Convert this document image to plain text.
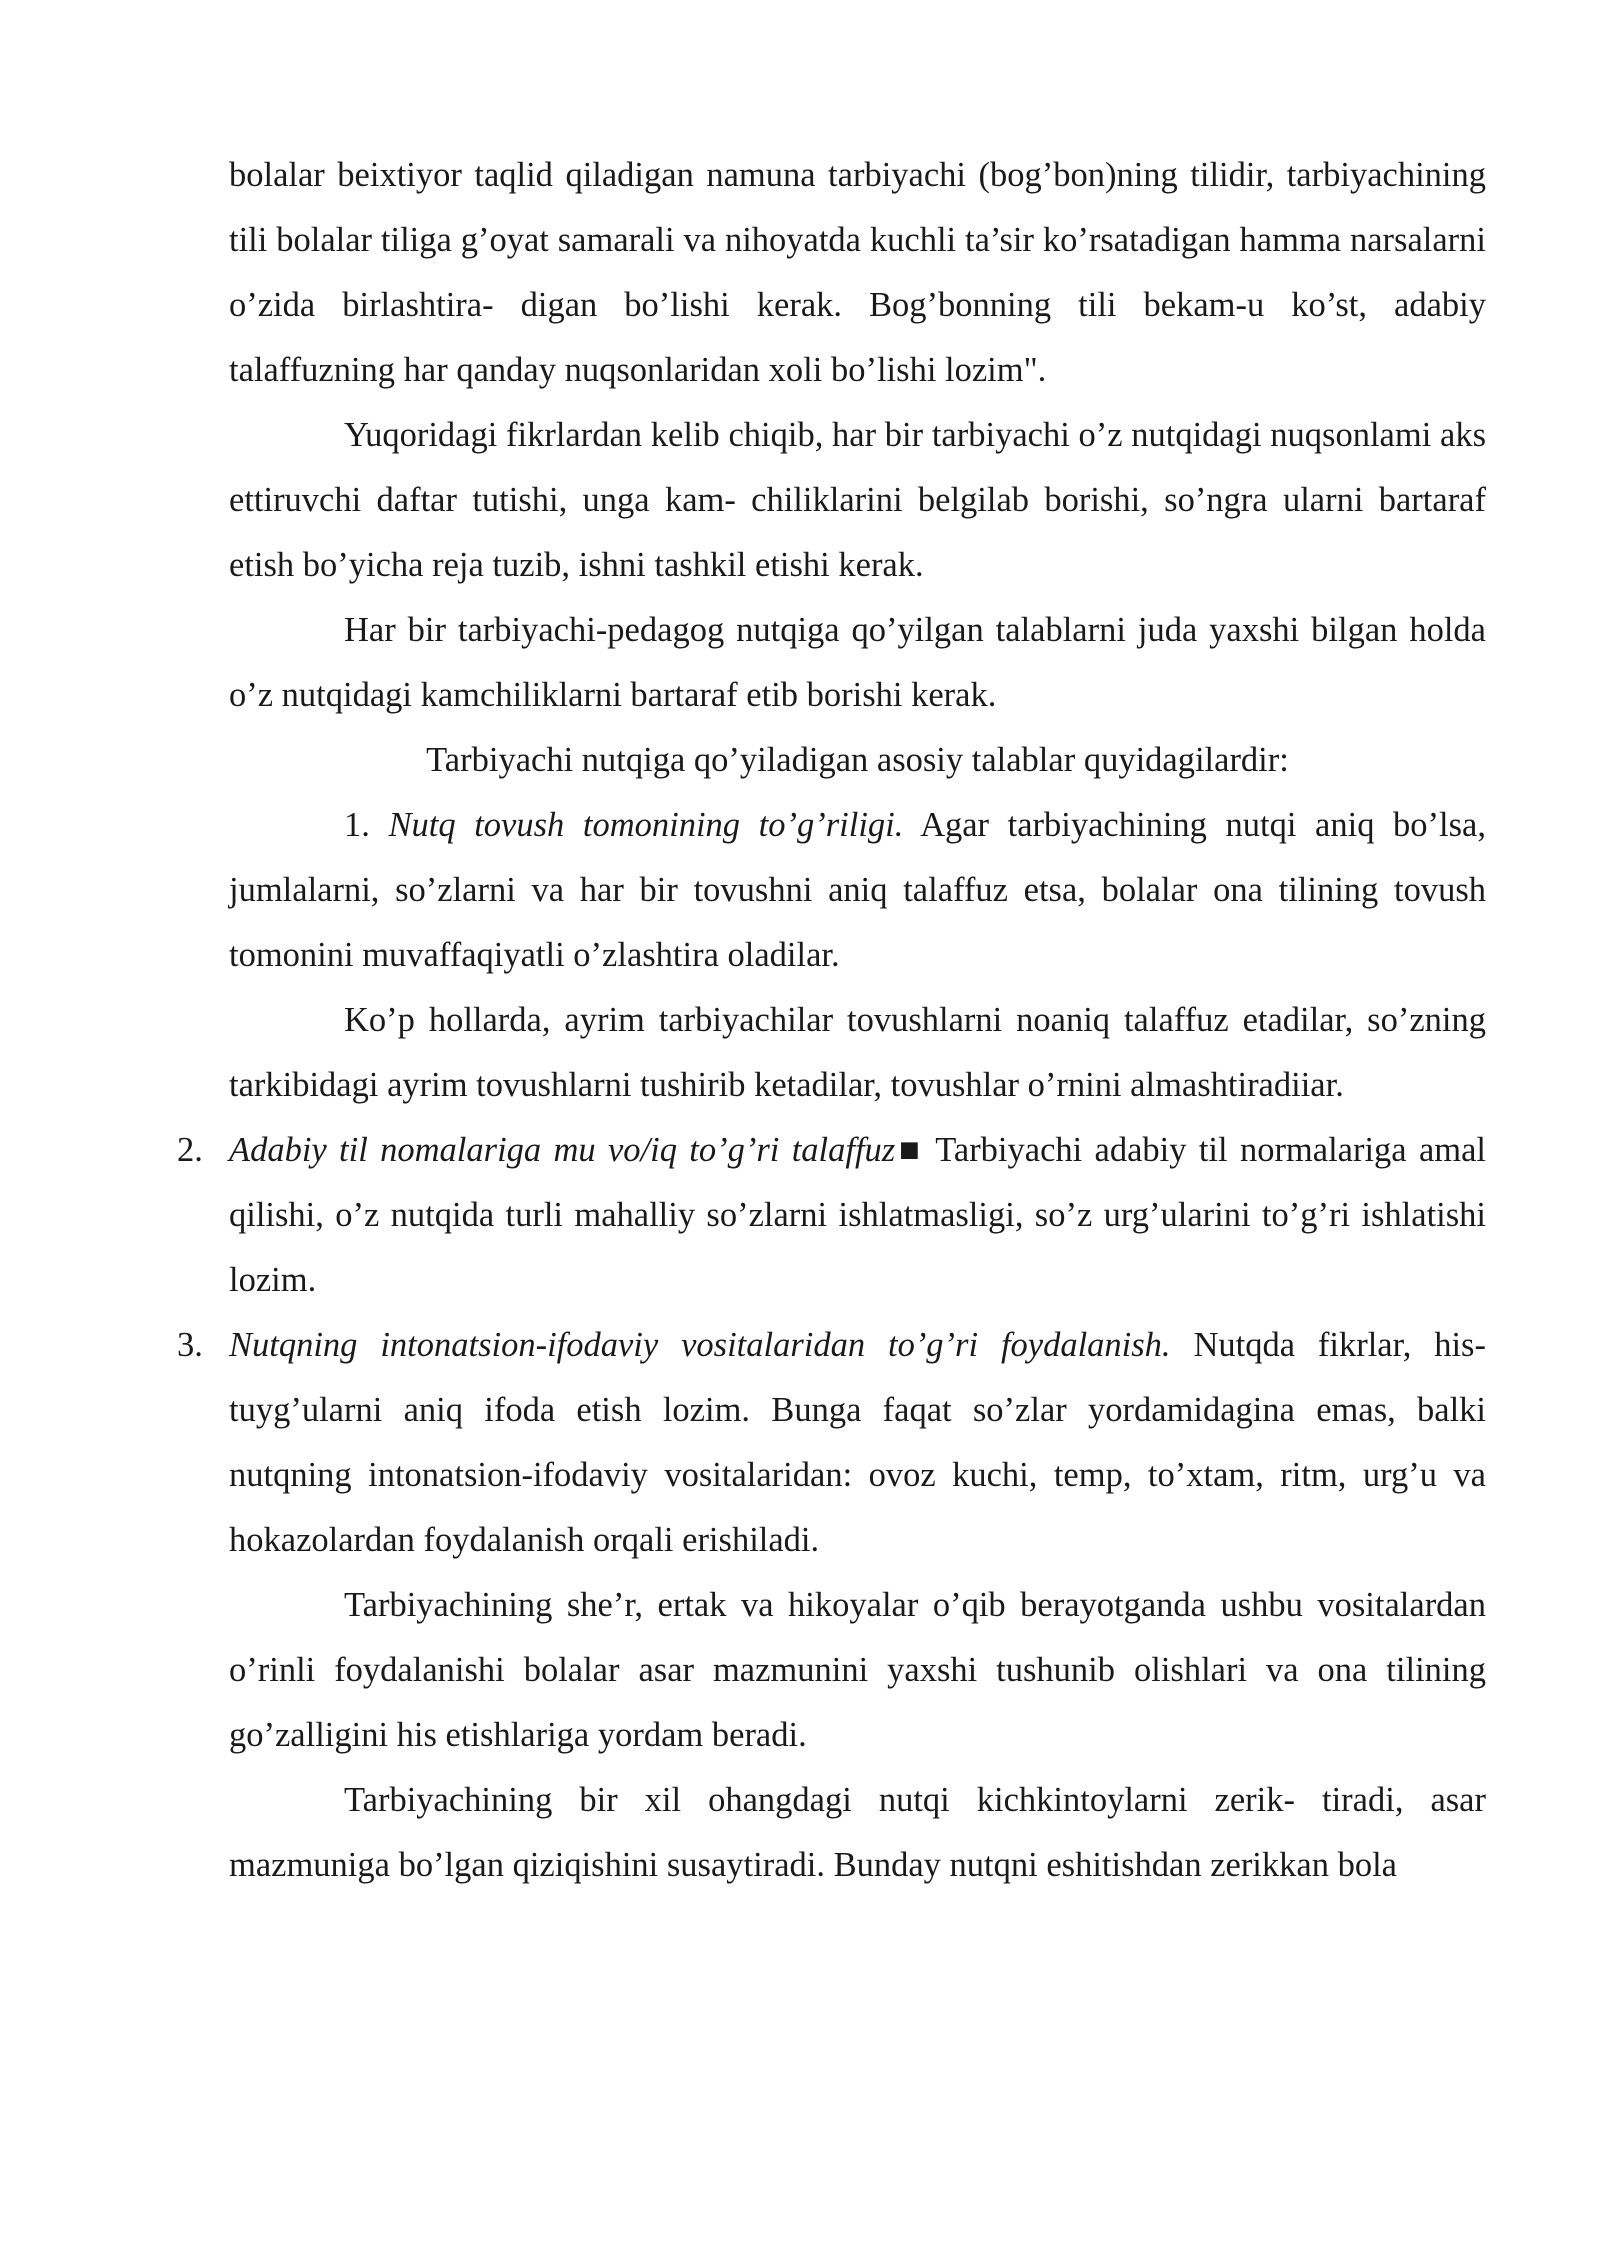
bolalar beixtiyor taqlid qiladigan namuna tarbiyachi (bog’bon)ning tilidir, tarbiyachining tili bolalar tiliga g’oyat samarali va nihoyatda kuchli ta’sir ko’rsatadigan hamma narsalarni o’zida birlashtira- digan bo’lishi kerak. Bog’bonning tili bekam-u ko’st, adabiy talaffuzning har qanday nuqsonlaridan xoli bo’lishi lozim".

Yuqoridagi fikrlardan kelib chiqib, har bir tarbiyachi o’z nutqidagi nuqsonlami aks ettiruvchi daftar tutishi, unga kam- chiliklarini belgilab borishi, so’ngra ularni bartaraf etish bo’yicha reja tuzib, ishni tashkil etishi kerak.

Har bir tarbiyachi-pedagog nutqiga qo’yilgan talablarni juda yaxshi bilgan holda o’z nutqidagi kamchiliklarni bartaraf etib borishi kerak.

Tarbiyachi nutqiga qo’yiladigan asosiy talablar quyidagilardir:

1. Nutq tovush tomonining to’g’riligi. Agar tarbiyachining nutqi aniq bo’lsa, jumlalarni, so’zlarni va har bir tovushni aniq talaffuz etsa, bolalar ona tilining tovush tomonini muvaffaqiyatli o’zlashtira oladilar.

Ko’p hollarda, ayrim tarbiyachilar tovushlarni noaniq talaffuz etadilar, so’zning tarkibidagi ayrim tovushlarni tushirib ketadilar, tovushlar o’rnini almashtiradiiar.

2. Adabiy til nomalariga mu vo/iq to’g’ri talaffuz■ Tarbiyachi adabiy til normalariga amal qilishi, o’z nutqida turli mahalliy so’zlarni ishlatmasligi, so’z urg’ularini to’g’ri ishlatishi lozim.
3. Nutqning intonatsion-ifodaviy vositalaridan to’g’ri foydalanish. Nutqda fikrlar, his-tuyg’ularni aniq ifoda etish lozim. Bunga faqat so’zlar yordamidagina emas, balki nutqning intonatsion-ifodaviy vositalaridan: ovoz kuchi, temp, to’xtam, ritm, urg’u va hokazolardan foydalanish orqali erishiladi.

Tarbiyachining she’r, ertak va hikoyalar o’qib berayotganda ushbu vositalardan o’rinli foydalanishi bolalar asar mazmunini yaxshi tushunib olishlari va ona tilining go’zalligini his etishlariga yordam beradi.

Tarbiyachining bir xil ohangdagi nutqi kichkintoylarni zerik- tiradi, asar mazmuniga bo’lgan qiziqishini susaytiradi. Bunday nutqni eshitishdan zerikkan bola
